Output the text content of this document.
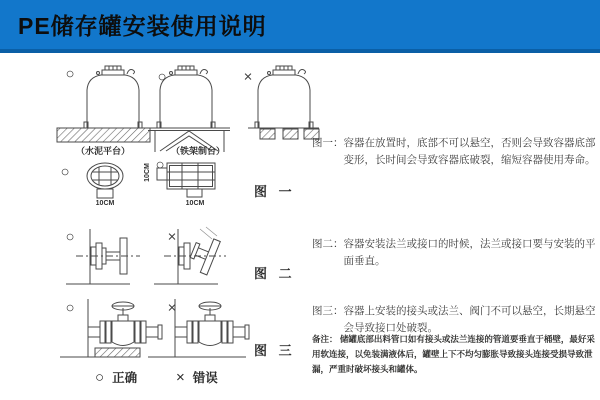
PE储存罐安装使用说明
○	○	×
○	○
○	×
○	×
（水泥平台）	（铁架制台）
10CM
10CM
10CM
图 一
图 二
图 三
○ 正确	× 错误
图一： 容器在放置时，底部不可以悬空，否则会导致容器底部变形，长时间会导致容器底破裂，缩短容器使用寿命。
图二： 容器安装法兰或接口的时候，法兰或接口要与安装的平面垂直。
图三： 容器上安装的接头或法兰、阀门不可以悬空，长期悬空会导致接口处破裂。
备注： 储罐底部出料管口如有接头或法兰连接的管道要垂直于桶壁，最好采用软连接，以免装满液体后，罐壁上下不均匀膨胀导致接头连接受损导致泄漏，严重时破坏接头和罐体。
